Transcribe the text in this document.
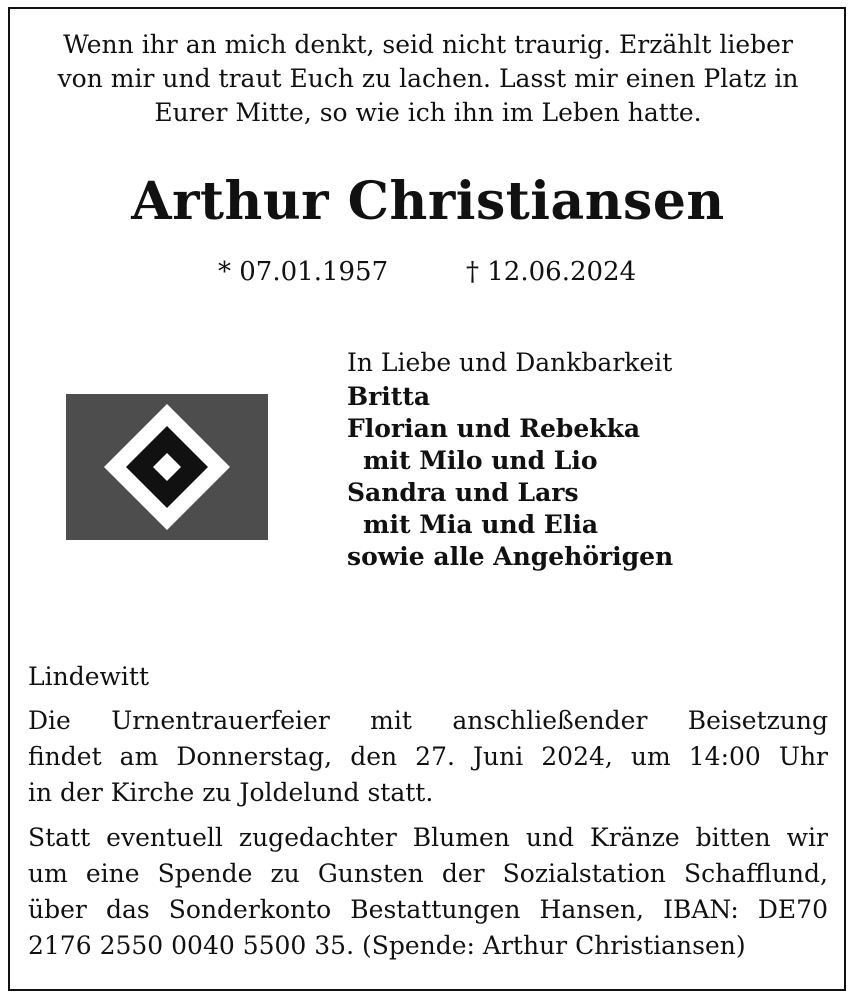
Wenn ihr an mich denkt, seid nicht traurig. Erzählt lieber
von mir und traut Euch zu lachen. Lasst mir einen Platz in
Eurer Mitte, so wie ich ihn im Leben hatte.
Arthur Christiansen
* 07.01.1957	† 12.06.2024
In Liebe und Dankbarkeit
Britta
Florian und Rebekka
mit Milo und Lio
Sandra und Lars
mit Mia und Elia
sowie alle Angehörigen
Lindewitt
Die Urnentrauerfeier mit anschließender Beisetzung
findet am Donnerstag, den 27. Juni 2024, um 14:00 Uhr
in der Kirche zu Joldelund statt.
Statt eventuell zugedachter Blumen und Kränze bitten wir
um eine Spende zu Gunsten der Sozialstation Schafflund,
über das Sonderkonto Bestattungen Hansen, IBAN: DE70
2176 2550 0040 5500 35. (Spende: Arthur Christiansen)
